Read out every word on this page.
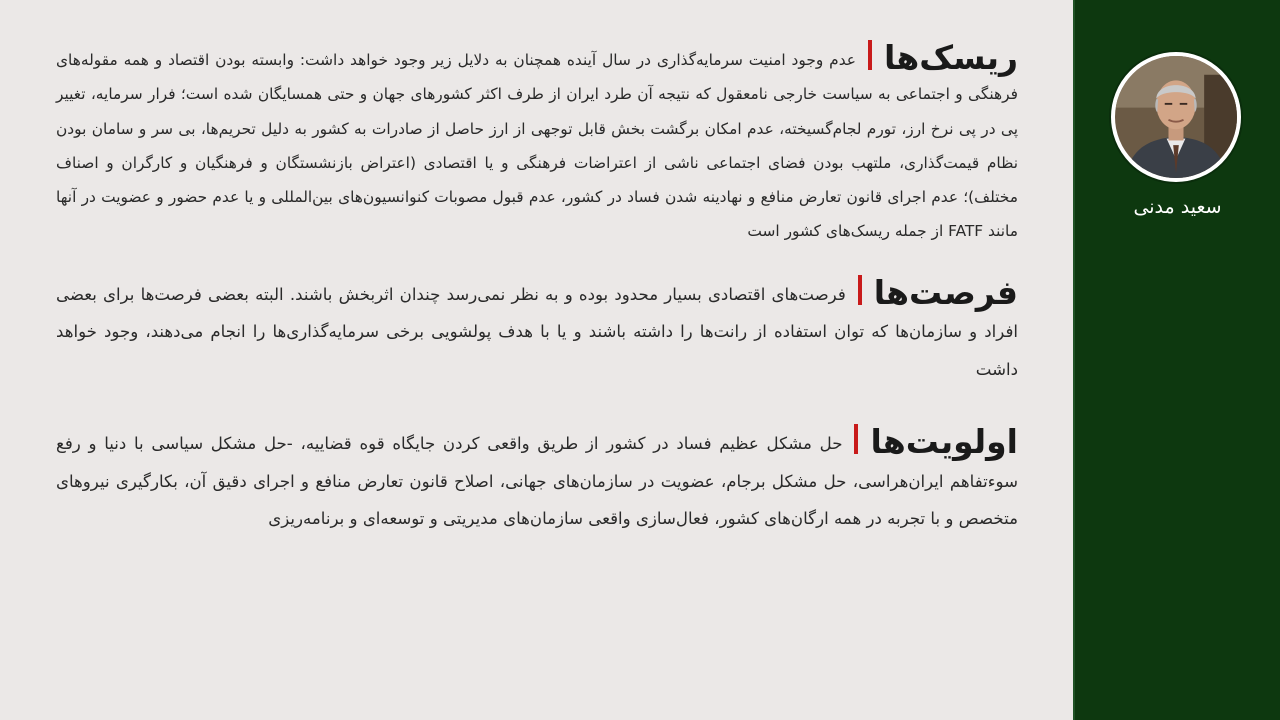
ریسک‌هاعدم وجود امنیت سرمایه‌گذاری در سال آینده همچنان به دلایل زیر وجود خواهد داشت: وابسته بودن اقتصاد و همه مقوله‌های فرهنگی و اجتماعی به سیاست خارجی نامعقول که نتیجه آن طرد ایران از طرف اکثر کشورهای جهان و حتی همسایگان شده است؛ فرار سرمایه، تغییر پی در پی نرخ ارز، تورم لجام‌گسیخته، عدم امکان برگشت بخش قابل توجهی از ارز حاصل از صادرات به کشور به دلیل تحریم‌ها، بی سر و سامان بودن نظام قیمت‌گذاری، ملتهب بودن فضای اجتماعی ناشی از اعتراضات فرهنگی و یا اقتصادی (اعتراض بازنشستگان و فرهنگیان و کارگران و اصناف مختلف)؛ عدم اجرای قانون تعارض منافع و نهادینه شدن فساد در کشور، عدم قبول مصوبات کنوانسیون‌های بین‌المللی و یا عدم حضور و عضویت در آنها مانند FATF از جمله ریسک‌های کشور است

فرصت‌هافرصت‌های اقتصادی بسیار محدود بوده و به نظر نمی‌رسد چندان اثربخش باشند. البته بعضی فرصت‌ها برای بعضی افراد و سازمان‌ها که توان استفاده از رانت‌ها را داشته باشند و یا با هدف پولشویی برخی سرمایه‌گذاری‌ها را انجام می‌دهند، وجود خواهد داشت

اولویت‌هاحل مشکل عظیم فساد در کشور از طریق واقعی کردن جایگاه قوه قضاییه، -حل مشکل سیاسی با دنیا و رفع سوءتفاهم ایران‌هراسی، حل مشکل برجام، عضویت در سازمان‌های جهانی، اصلاح قانون تعارض منافع و اجرای دقیق آن، بکارگیری نیروهای متخصص و با تجربه در همه ارگان‌های کشور، فعال‌سازی واقعی سازمان‌های مدیریتی و توسعه‌ای و برنامه‌ریزی

سعید مدنی
